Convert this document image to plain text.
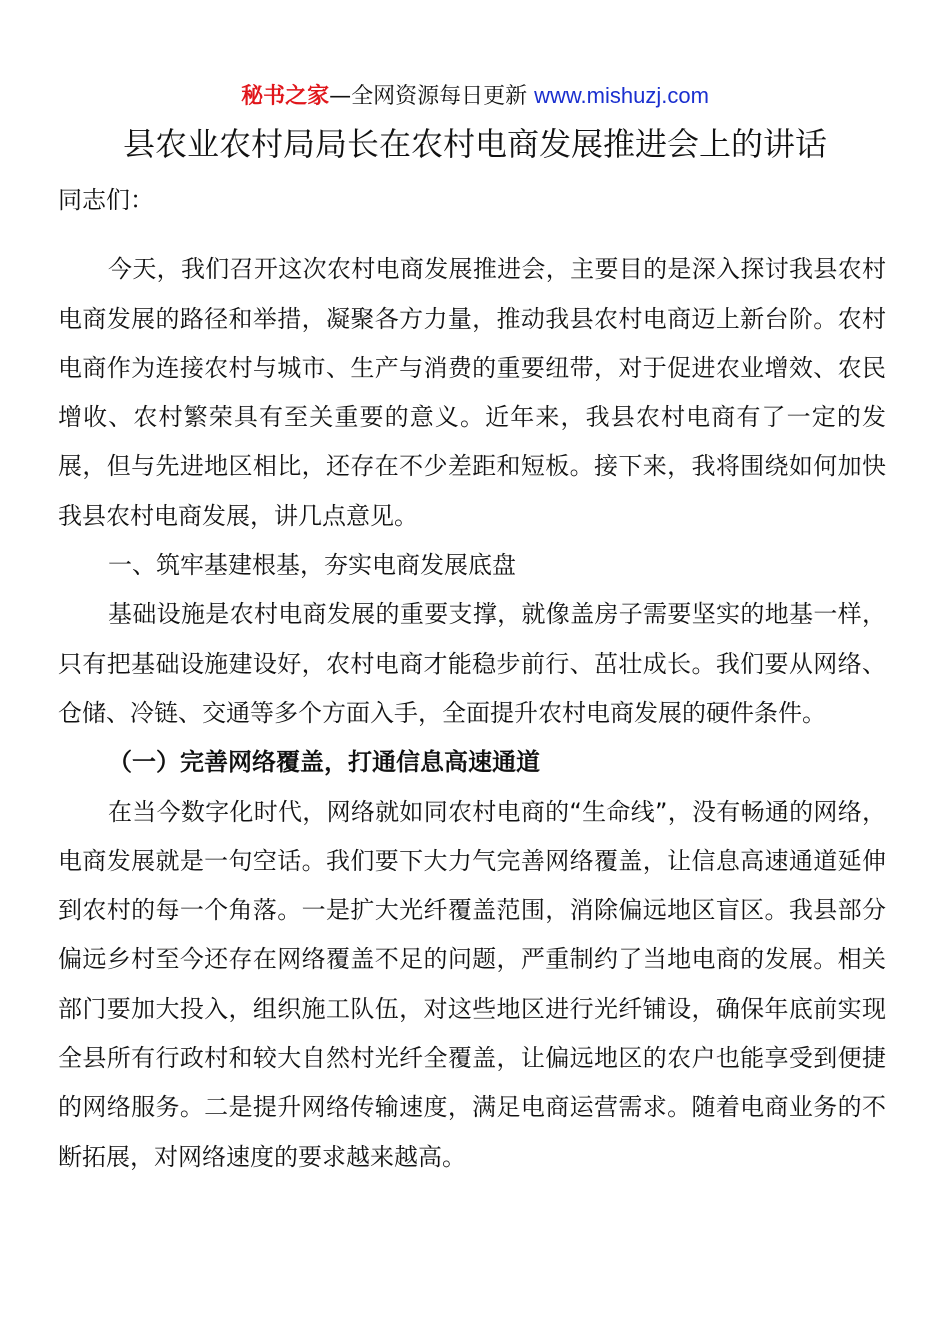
秘书之家—全网资源每日更新 www.mishuzj.com
县农业农村局局长在农村电商发展推进会上的讲话

同志们：

今天，我们召开这次农村电商发展推进会，主要目的是深入探讨我县农村电商发展的路径和举措，凝聚各方力量，推动我县农村电商迈上新台阶。农村电商作为连接农村与城市、生产与消费的重要纽带，对于促进农业增效、农民增收、农村繁荣具有至关重要的意义。近年来，我县农村电商有了一定的发展，但与先进地区相比，还存在不少差距和短板。接下来，我将围绕如何加快我县农村电商发展，讲几点意见。

一、筑牢基建根基，夯实电商发展底盘

基础设施是农村电商发展的重要支撑，就像盖房子需要坚实的地基一样，只有把基础设施建设好，农村电商才能稳步前行、茁壮成长。我们要从网络、仓储、冷链、交通等多个方面入手，全面提升农村电商发展的硬件条件。

（一）完善网络覆盖，打通信息高速通道

在当今数字化时代，网络就如同农村电商的“生命线”，没有畅通的网络，电商发展就是一句空话。我们要下大力气完善网络覆盖，让信息高速通道延伸到农村的每一个角落。一是扩大光纤覆盖范围，消除偏远地区盲区。我县部分偏远乡村至今还存在网络覆盖不足的问题，严重制约了当地电商的发展。相关部门要加大投入，组织施工队伍，对这些地区进行光纤铺设，确保年底前实现全县所有行政村和较大自然村光纤全覆盖，让偏远地区的农户也能享受到便捷的网络服务。二是提升网络传输速度，满足电商运营需求。随着电商业务的不断拓展，对网络速度的要求越来越高。
